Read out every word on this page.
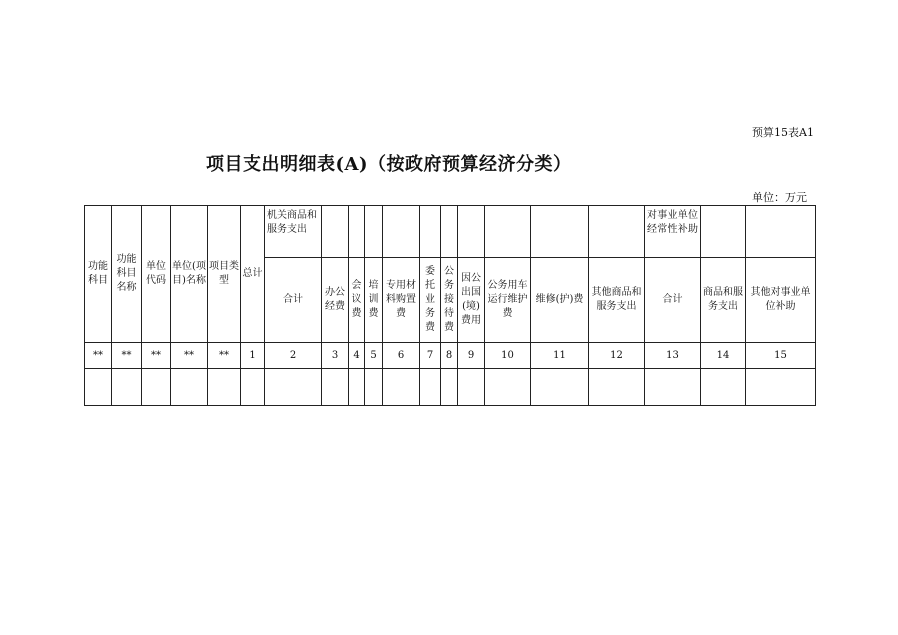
预算15表A1
项目支出明细表(A)（按政府预算经济分类）
单位：万元
功能科目	功能科目名称	单位代码	单位(项目)名称	项目类型	总计	机关商品和服务支出											对事业单位经常性补助		
						合计	办公经费	会议费	培训费	专用材料购置费	委托业务费	公务接待费	因公出国(境)费用	公务用车运行维护费	维修(护)费	其他商品和服务支出	合计	商品和服务支出	其他对事业单位补助
**	**	**	**	**	1	2	3	4	5	6	7	8	9	10	11	12	13	14	15
